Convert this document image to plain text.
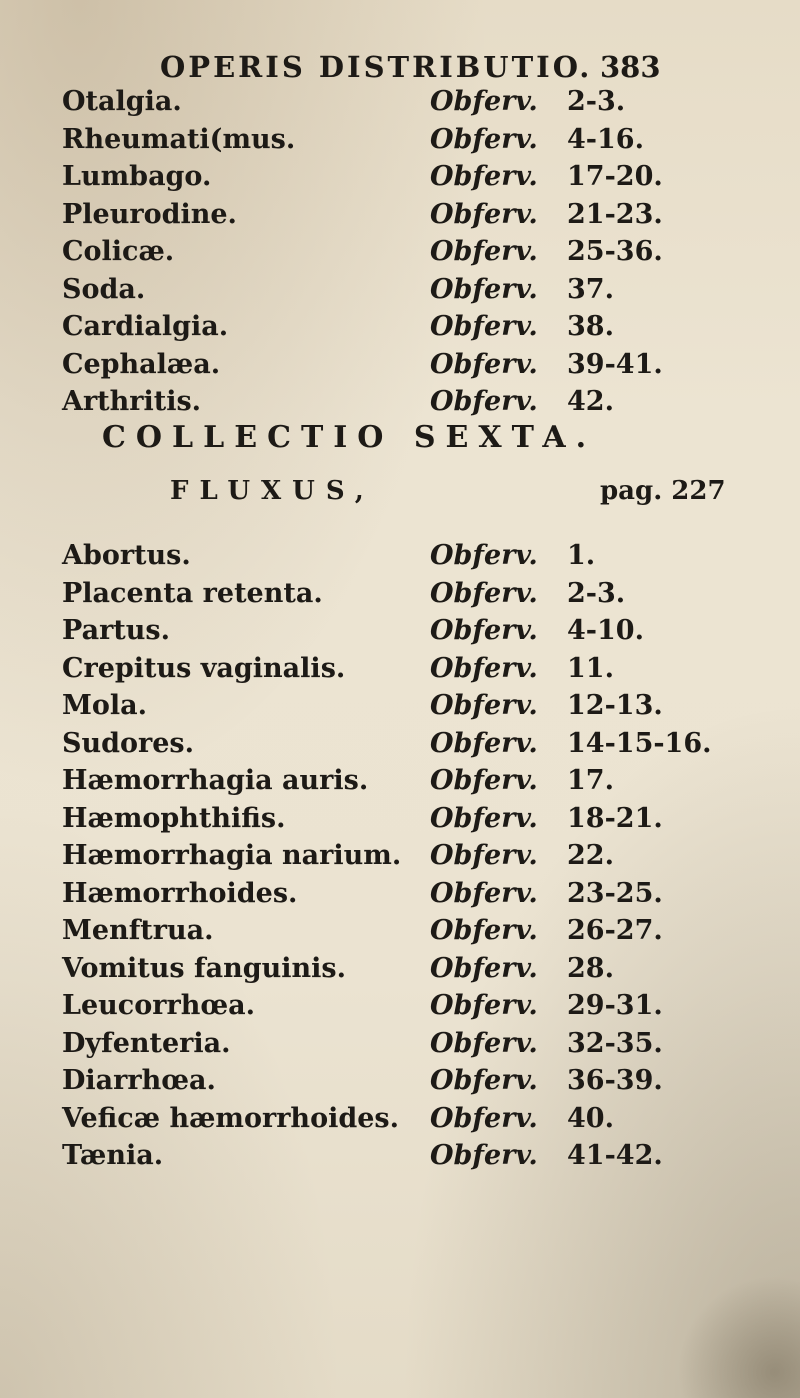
OPERIS DISTRIBUTIO. 383
Otalgia.	Obferv. 2-3.
Rheumati(mus.	Obferv. 4-16.
Lumbago.	Obferv. 17-20.
Pleurodine.	Obferv. 21-23.
Colicæ.	Obferv. 25-36.
Soda.	Obferv. 37.
Cardialgia.	Obferv. 38.
Cephalæa.	Obferv. 39-41.
Arthritis.	Obferv. 42.
COLLECTIO SEXTA.
FLUXUS,	pag. 227
Abortus.	Obferv. 1.
Placenta retenta.	Obferv. 2-3.
Partus.	Obferv. 4-10.
Crepitus vaginalis.	Obferv. 11.
Mola.	Obferv. 12-13.
Sudores.	Obferv. 14-15-16.
Hæmorrhagia auris. Obferv. 17.
Hæmophthifis.	Obferv. 18-21.
Hæmorrhagia narium. Obferv. 22.
Hæmorrhoides.	Obferv. 23-25.
Menftrua.	Obferv. 26-27.
Vomitus fanguinis.	Obferv. 28.
Leucorrhœa.	Obferv. 29-31.
Dyfenteria.	Obferv. 32-35.
Diarrhœa.	Obferv. 36-39.
Veficæ hæmorrhoides. Obferv. 40.
Tænia.	Obferv. 41-42.
